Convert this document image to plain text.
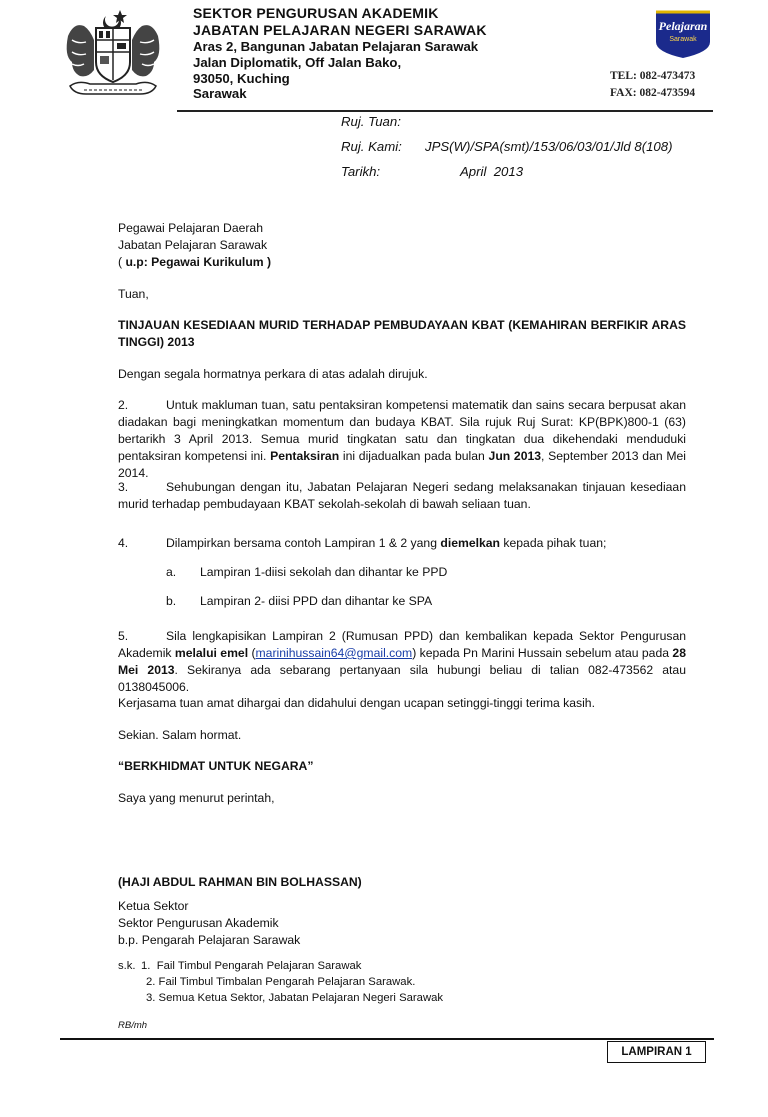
SEKTOR PENGURUSAN AKADEMIK
JABATAN PELAJARAN NEGERI SARAWAK
Aras 2, Bangunan Jabatan Pelajaran Sarawak
Jalan Diplomatik, Off Jalan Bako,
93050, Kuching
Sarawak
Pelajaran
Sarawak
TEL: 082-473473
FAX: 082-473594
Ruj. Tuan:
Ruj. Kami: JPS(W)/SPA(smt)/153/06/03/01/Jld 8(108)
Tarikh:	April  2013
Pegawai Pelajaran Daerah
Jabatan Pelajaran Sarawak
( u.p: Pegawai Kurikulum )
Tuan,
TINJAUAN KESEDIAAN MURID TERHADAP PEMBUDAYAAN KBAT (KEMAHIRAN BERFIKIR ARAS TINGGI) 2013
Dengan segala hormatnya perkara di atas adalah dirujuk.
2.	Untuk makluman tuan, satu pentaksiran kompetensi matematik dan sains secara berpusat akan diadakan bagi meningkatkan momentum dan budaya KBAT. Sila rujuk Ruj Surat: KP(BPK)800-1 (63) bertarikh 3 April 2013. Semua murid tingkatan satu dan tingkatan dua dikehendaki menduduki pentaksiran kompetensi ini. Pentaksiran ini dijadualkan pada bulan Jun 2013, September 2013 dan Mei 2014.
3.	Sehubungan dengan itu, Jabatan Pelajaran Negeri sedang melaksanakan tinjauan kesediaan murid terhadap pembudayaan KBAT sekolah-sekolah di bawah seliaan tuan.
4.	Dilampirkan bersama contoh Lampiran 1 & 2 yang diemelkan kepada pihak tuan;
a. Lampiran 1-diisi sekolah dan dihantar ke PPD
b. Lampiran 2- diisi PPD dan dihantar ke SPA
5.	Sila lengkapisikan Lampiran 2 (Rumusan PPD) dan kembalikan kepada Sektor Pengurusan Akademik melalui emel (marinihussain64@gmail.com) kepada Pn Marini Hussain sebelum atau pada 28 Mei 2013. Sekiranya ada sebarang pertanyaan sila hubungi beliau di talian 082-473562 atau 0138045006.
Kerjasama tuan amat dihargai dan didahului dengan ucapan setinggi-tinggi terima kasih.
Sekian. Salam hormat.
“BERKHIDMAT UNTUK NEGARA”
Saya yang menurut perintah,
(HAJI ABDUL RAHMAN BIN BOLHASSAN)
Ketua Sektor
Sektor Pengurusan Akademik
b.p. Pengarah Pelajaran Sarawak
s.k. 1.  Fail Timbul Pengarah Pelajaran Sarawak
2. Fail Timbul Timbalan Pengarah Pelajaran Sarawak.
3. Semua Ketua Sektor, Jabatan Pelajaran Negeri Sarawak
RB/mh
LAMPIRAN 1
